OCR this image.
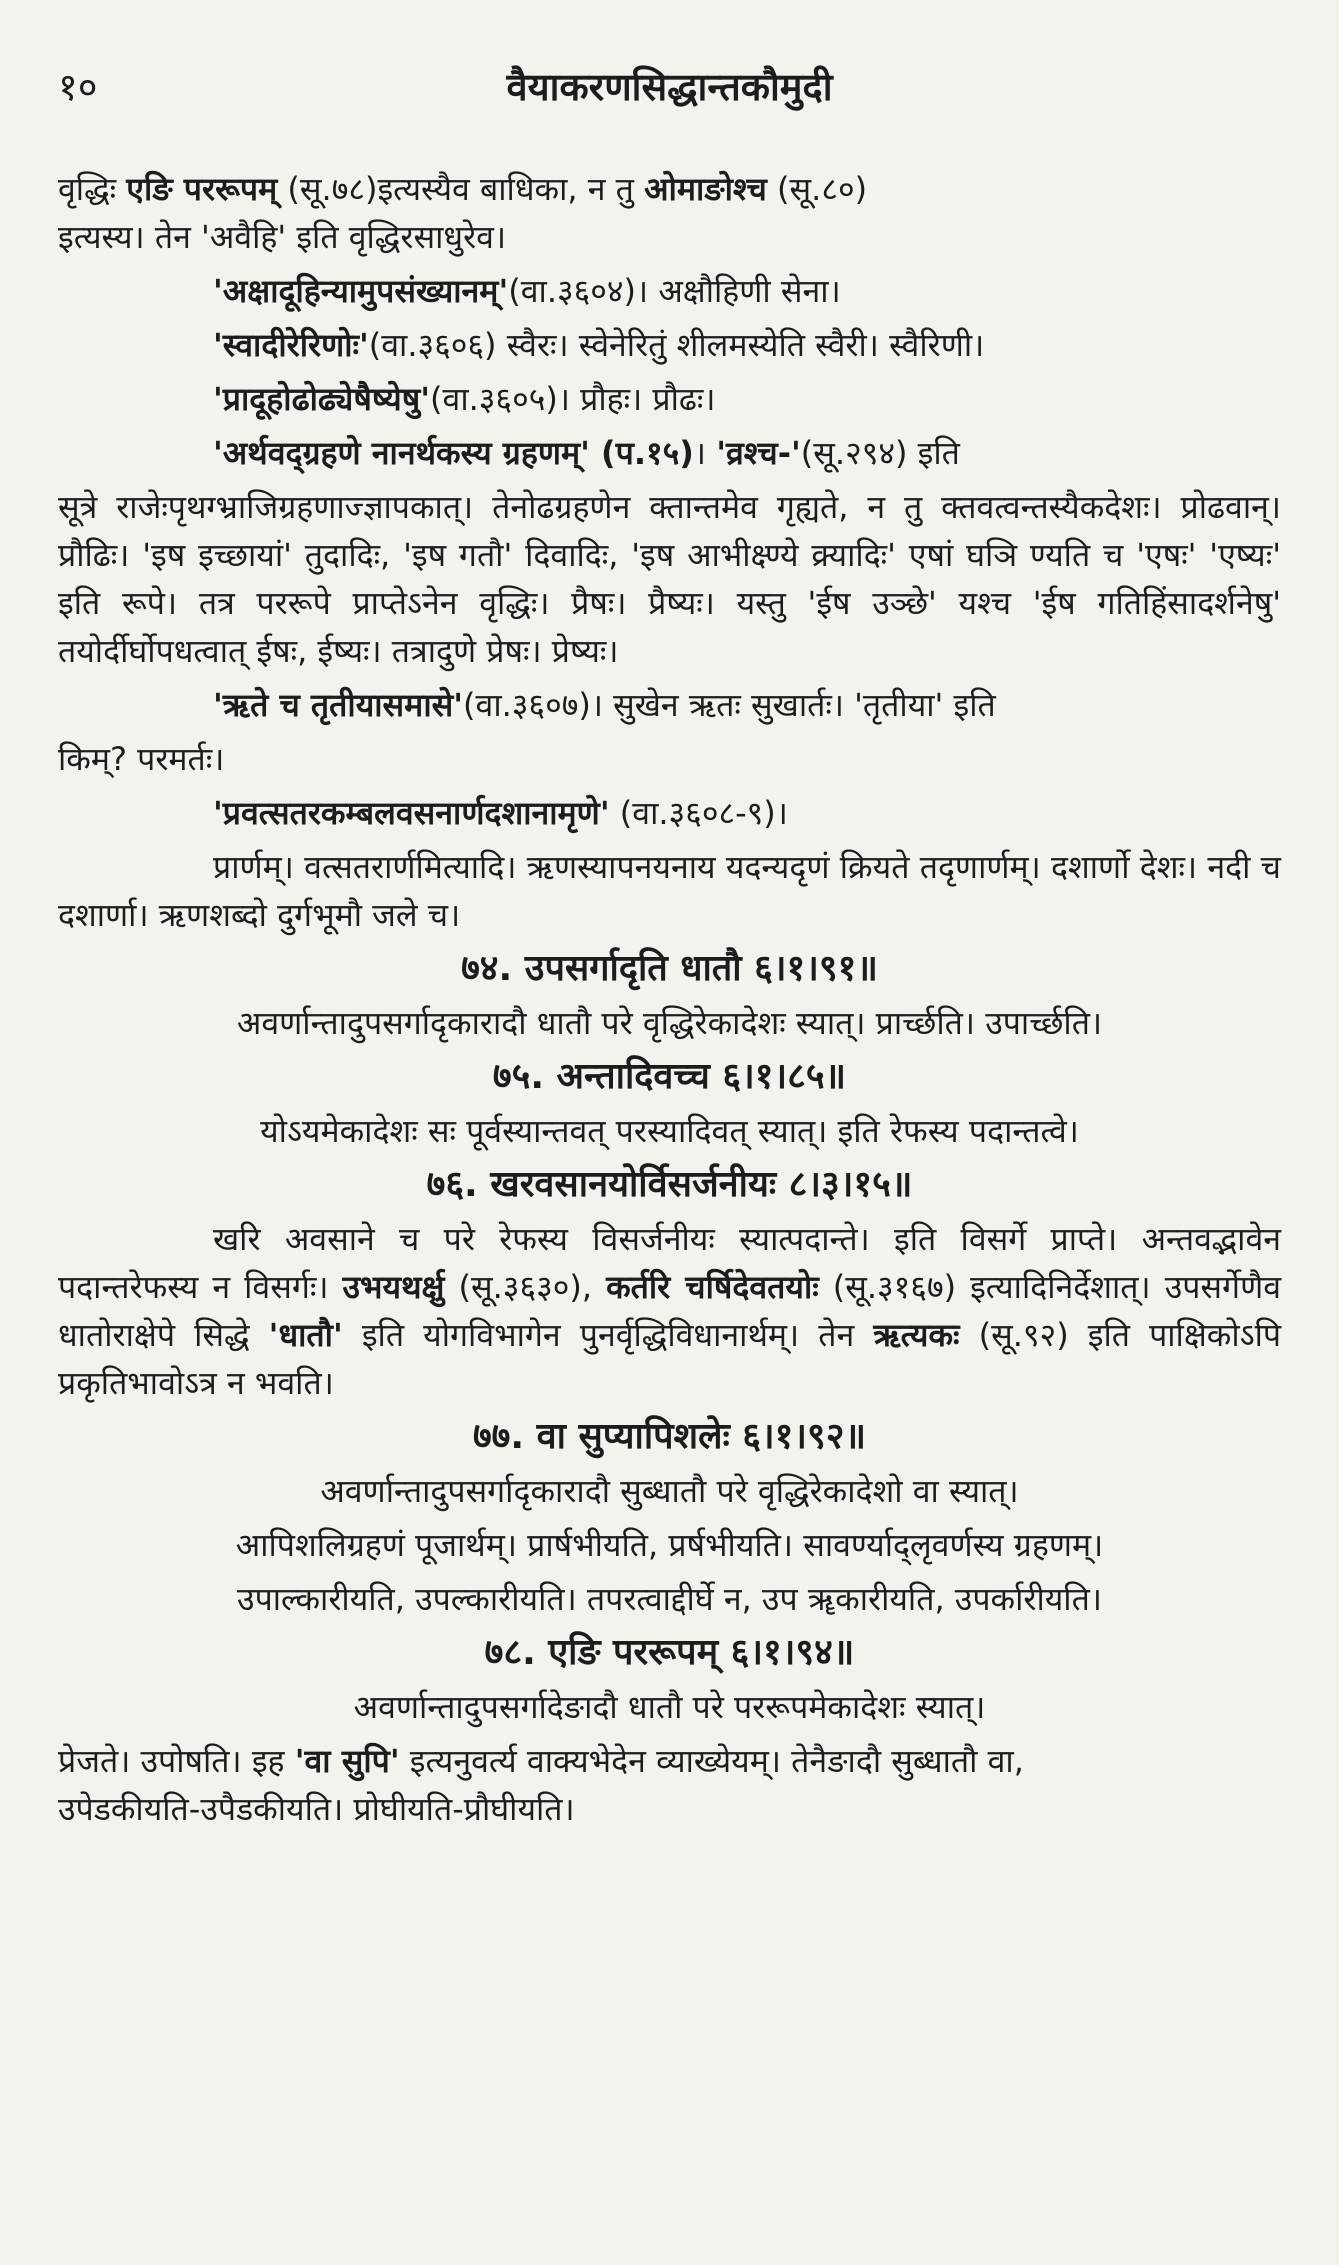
१०	वैयाकरणसिद्धान्तकौमुदी

वृद्धिः एङि पररूपम् (सू.७८)इत्यस्यैव बाधिका, न तु ओमाङोश्च (सू.८०)
इत्यस्य। तेन 'अवैहि' इति वृद्धिरसाधुरेव।

'अक्षादूहिन्यामुपसंख्यानम्'(वा.३६०४)। अक्षौहिणी सेना।

'स्वादीरेरिणोः'(वा.३६०६) स्वैरः। स्वेनेरितुं शीलमस्येति स्वैरी। स्वैरिणी।

'प्रादूहोढोढ्येषैष्येषु'(वा.३६०५)। प्रौहः। प्रौढः।

'अर्थवद्ग्रहणे नानर्थकस्य ग्रहणम्' (प.१५)। 'व्रश्च-'(सू.२९४) इति

सूत्रे राजेःपृथग्भ्राजिग्रहणाज्ज्ञापकात्। तेनोढग्रहणेन क्तान्तमेव गृह्यते, न तु क्तवत्वन्तस्यैकदेशः। प्रोढवान्। प्रौढिः। 'इष इच्छायां' तुदादिः, 'इष गतौ' दिवादिः, 'इष आभीक्ष्ण्ये क्र्यादिः' एषां घञि ण्यति च 'एषः' 'एष्यः' इति रूपे। तत्र पररूपे प्राप्तेऽनेन वृद्धिः। प्रैषः। प्रैष्यः। यस्तु 'ईष उञ्छे' यश्च 'ईष गतिहिंसादर्शनेषु' तयोर्दीर्घोपधत्वात् ईषः, ईष्यः। तत्रादुणे प्रेषः। प्रेष्यः।

'ऋते च तृतीयासमासे'(वा.३६०७)। सुखेन ऋतः सुखार्तः। 'तृतीया' इति

किम्? परमर्तः।

'प्रवत्सतरकम्बलवसनार्णदशानामृणे' (वा.३६०८-९)।

प्रार्णम्। वत्सतरार्णमित्यादि। ऋणस्यापनयनाय यदन्यदृणं क्रियते तदृणार्णम्। दशार्णो देशः। नदी च दशार्णा। ऋणशब्दो दुर्गभूमौ जले च।

७४. उपसर्गादृति धातौ ६।१।९१॥

अवर्णान्तादुपसर्गादृकारादौ धातौ परे वृद्धिरेकादेशः स्यात्। प्रार्च्छति। उपार्च्छति।

७५. अन्तादिवच्च ६।१।८५॥

योऽयमेकादेशः सः पूर्वस्यान्तवत् परस्यादिवत् स्यात्। इति रेफस्य पदान्तत्वे।

७६. खरवसानयोर्विसर्जनीयः ८।३।१५॥

खरि अवसाने च परे रेफस्य विसर्जनीयः स्यात्पदान्ते। इति विसर्गे प्राप्ते। अन्तवद्भावेन पदान्तरेफस्य न विसर्गः। उभयथर्क्षु (सू.३६३०), कर्तरि चर्षिदेवतयोः (सू.३१६७) इत्यादिनिर्देशात्। उपसर्गेणैव धातोराक्षेपे सिद्धे 'धातौ' इति योगविभागेन पुनर्वृद्धिविधानार्थम्। तेन ऋत्यकः (सू.९२) इति पाक्षिकोऽपि प्रकृतिभावोऽत्र न भवति।

७७. वा सुप्यापिशलेः ६।१।९२॥

अवर्णान्तादुपसर्गादृकारादौ सुब्धातौ परे वृद्धिरेकादेशो वा स्यात्।

आपिशलिग्रहणं पूजार्थम्। प्रार्षभीयति, प्रर्षभीयति। सावर्ण्याद्लृवर्णस्य ग्रहणम्।

उपाल्कारीयति, उपल्कारीयति। तपरत्वाद्दीर्घे न, उप ॠकारीयति, उपर्कारीयति।

७८. एङि पररूपम् ६।१।९४॥

अवर्णान्तादुपसर्गादेङादौ धातौ परे पररूपमेकादेशः स्यात्।

प्रेजते। उपोषति। इह 'वा सुपि' इत्यनुवर्त्य वाक्यभेदेन व्याख्येयम्। तेनैङादौ सुब्धातौ वा,
उपेडकीयति-उपैडकीयति। प्रोघीयति-प्रौघीयति।
